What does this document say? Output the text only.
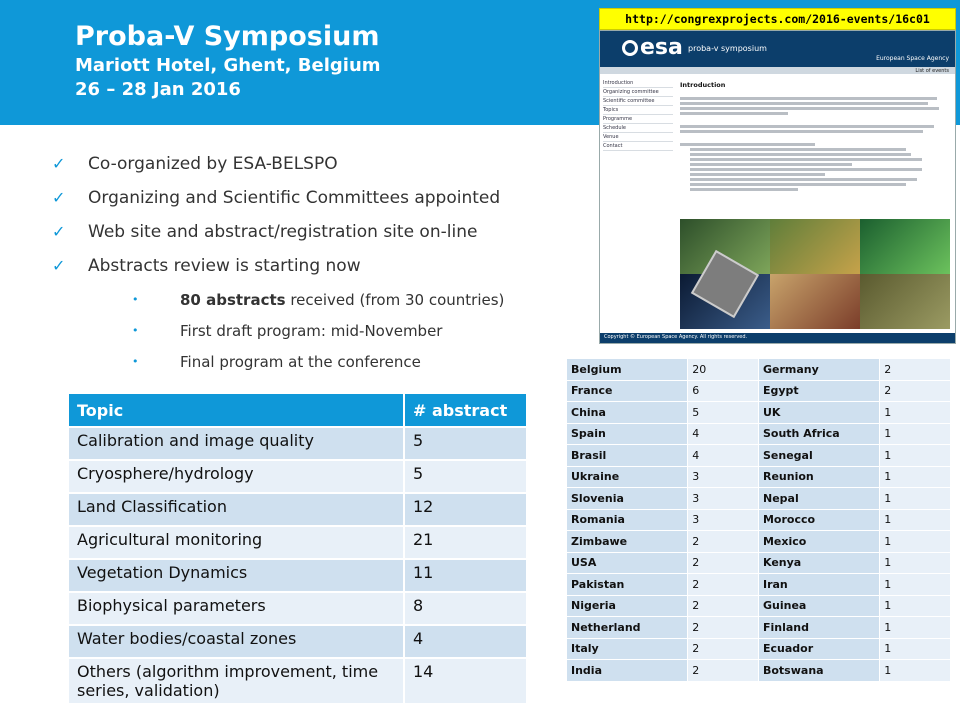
Proba-V Symposium
Mariott Hotel, Ghent, Belgium
26 – 28 Jan 2016
http://congrexprojects.com/2016-events/16c01
esa proba-v symposium
European Space Agency
List of events
Introduction
Organizing committee
Scientific committee
Topics
Programme
Schedule
Venue
Contact
Introduction
Copyright © European Space Agency. All rights reserved.
✓ Co-organized by ESA-BELSPO
✓ Organizing and Scientific Committees appointed
✓ Web site and abstract/registration site on-line
✓ Abstracts review is starting now
•	80 abstracts received (from 30 countries)
•	First draft program: mid-November
•	Final program at the conference
Topic	# abstract
Calibration and image quality	5
Cryosphere/hydrology	5
Land Classification	12
Agricultural monitoring	21
Vegetation Dynamics	11
Biophysical parameters	8
Water bodies/coastal zones	4
Others (algorithm improvement, time series, validation)	14
Belgium	20	Germany	2
France	6	Egypt	2
China	5	UK	1
Spain	4	South Africa	1
Brasil	4	Senegal	1
Ukraine	3	Reunion	1
Slovenia	3	Nepal	1
Romania	3	Morocco	1
Zimbawe	2	Mexico	1
USA	2	Kenya	1
Pakistan	2	Iran	1
Nigeria	2	Guinea	1
Netherland	2	Finland	1
Italy	2	Ecuador	1
India	2	Botswana	1
